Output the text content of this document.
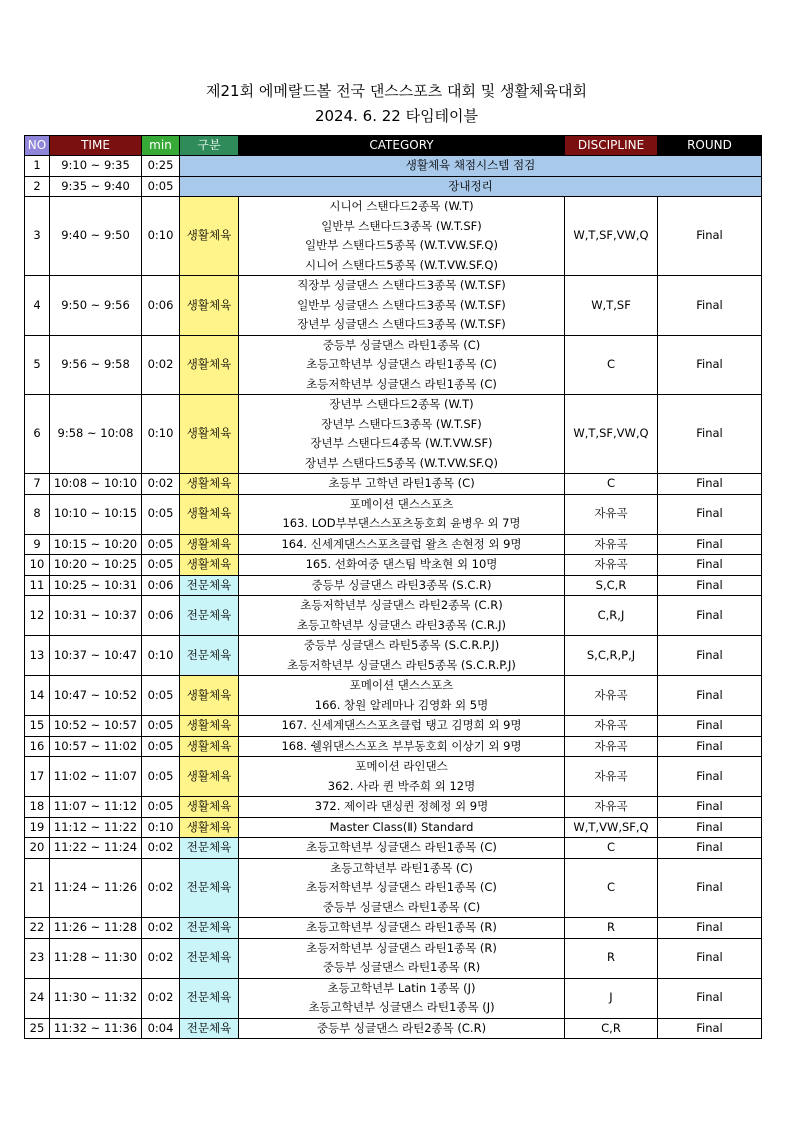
제21회 에메랄드볼 전국 댄스스포츠 대회 및 생활체육대회
2024. 6. 22 타임테이블
NO	TIME	min	구분	CATEGORY	DISCIPLINE	ROUND
1	9:10 ~ 9:35	0:25	생활체육 채점시스템 점검			
2	9:35 ~ 9:40	0:05	장내정리			
3	9:40 ~ 9:50	0:10	생활체육	시니어 스탠다드2종목 (W.T)
일반부 스탠다드3종목 (W.T.SF)
일반부 스탠다드5종목 (W.T.VW.SF.Q)
시니어 스탠다드5종목 (W.T.VW.SF.Q)	W,T,SF,VW,Q	Final
4	9:50 ~ 9:56	0:06	생활체육	직장부 싱글댄스 스탠다드3종목 (W.T.SF)
일반부 싱글댄스 스탠다드3종목 (W.T.SF)
장년부 싱글댄스 스탠다드3종목 (W.T.SF)	W,T,SF	Final
5	9:56 ~ 9:58	0:02	생활체육	중등부 싱글댄스 라틴1종목 (C)
초등고학년부 싱글댄스 라틴1종목 (C)
초등저학년부 싱글댄스 라틴1종목 (C)	C	Final
6	9:58 ~ 10:08	0:10	생활체육	장년부 스탠다드2종목 (W.T)
장년부 스탠다드3종목 (W.T.SF)
장년부 스탠다드4종목 (W.T.VW.SF)
장년부 스탠다드5종목 (W.T.VW.SF.Q)	W,T,SF,VW,Q	Final
7	10:08 ~ 10:10	0:02	생활체육	초등부 고학년 라틴1종목 (C)	C	Final
8	10:10 ~ 10:15	0:05	생활체육	포메이션 댄스스포츠
163. LOD부부댄스스포츠동호회 윤병우 외 7명	자유곡	Final
9	10:15 ~ 10:20	0:05	생활체육	164. 신세계댄스스포츠클럽 왈츠 손현정 외 9명	자유곡	Final
10	10:20 ~ 10:25	0:05	생활체육	165. 선화여중 댄스팀 박초현 외 10명	자유곡	Final
11	10:25 ~ 10:31	0:06	전문체육	중등부 싱글댄스 라틴3종목 (S.C.R)	S,C,R	Final
12	10:31 ~ 10:37	0:06	전문체육	초등저학년부 싱글댄스 라틴2종목 (C.R)
초등고학년부 싱글댄스 라틴3종목 (C.R.J)	C,R,J	Final
13	10:37 ~ 10:47	0:10	전문체육	중등부 싱글댄스 라틴5종목 (S.C.R.P.J)
초등저학년부 싱글댄스 라틴5종목 (S.C.R.P.J)	S,C,R,P,J	Final
14	10:47 ~ 10:52	0:05	생활체육	포메이션 댄스스포츠
166. 창원 알레마나 김영화 외 5명	자유곡	Final
15	10:52 ~ 10:57	0:05	생활체육	167. 신세계댄스스포츠클럽 탱고 김명희 외 9명	자유곡	Final
16	10:57 ~ 11:02	0:05	생활체육	168. 쉘위댄스스포츠 부부동호회 이상기 외 9명	자유곡	Final
17	11:02 ~ 11:07	0:05	생활체육	포메이션 라인댄스
362. 사라 퀸 박주희 외 12명	자유곡	Final
18	11:07 ~ 11:12	0:05	생활체육	372. 제이라 댄싱퀸 정혜정 외 9명	자유곡	Final
19	11:12 ~ 11:22	0:10	생활체육	Master Class(Ⅱ) Standard	W,T,VW,SF,Q	Final
20	11:22 ~ 11:24	0:02	전문체육	초등고학년부 싱글댄스 라틴1종목 (C)	C	Final
21	11:24 ~ 11:26	0:02	전문체육	초등고학년부 라틴1종목 (C)
초등저학년부 싱글댄스 라틴1종목 (C)
중등부 싱글댄스 라틴1종목 (C)	C	Final
22	11:26 ~ 11:28	0:02	전문체육	초등고학년부 싱글댄스 라틴1종목 (R)	R	Final
23	11:28 ~ 11:30	0:02	전문체육	초등저학년부 싱글댄스 라틴1종목 (R)
중등부 싱글댄스 라틴1종목 (R)	R	Final
24	11:30 ~ 11:32	0:02	전문체육	초등고학년부 Latin 1종목 (J)
초등고학년부 싱글댄스 라틴1종목 (J)	J	Final
25	11:32 ~ 11:36	0:04	전문체육	중등부 싱글댄스 라틴2종목 (C.R)	C,R	Final
